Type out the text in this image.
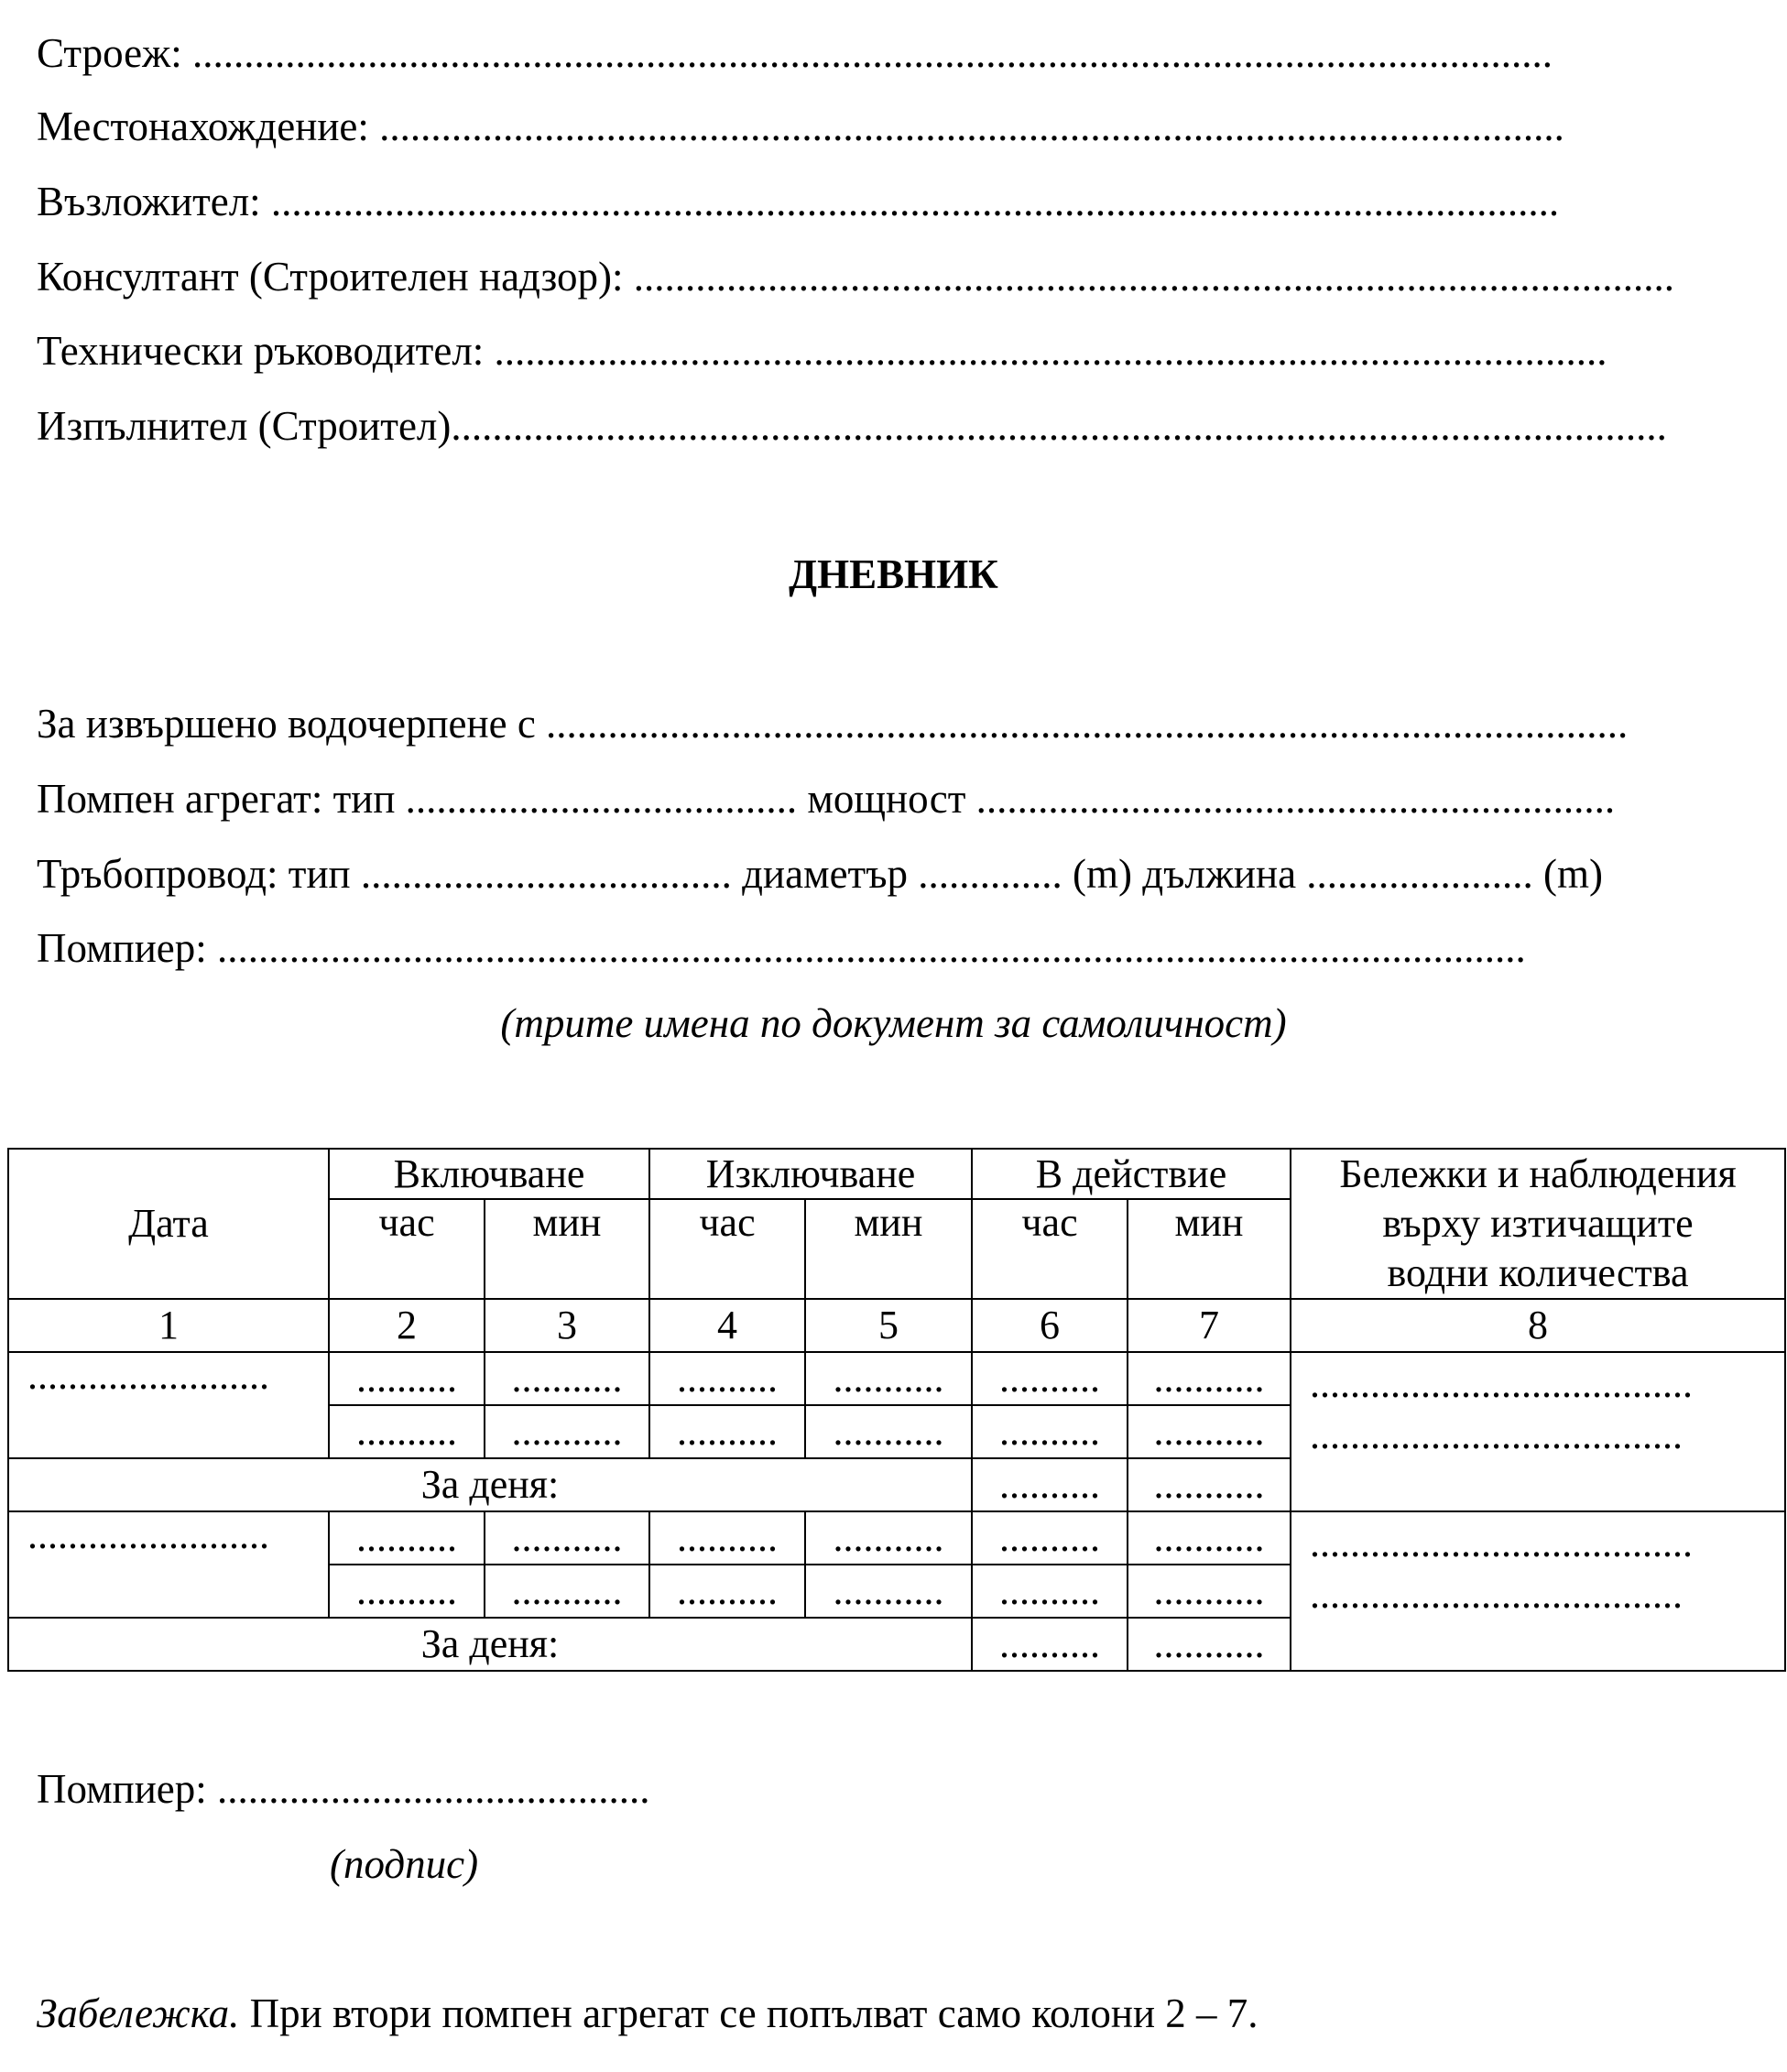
Строеж: ....................................................................................................................................
Местонахождение: ...................................................................................................................
Възложител: .............................................................................................................................
Консултант (Строителен надзор): .....................................................................................................
Технически ръководител: ............................................................................................................
Изпълнител (Строител)......................................................................................................................
ДНЕВНИК
За извършено водочерпене с .........................................................................................................
Помпен агрегат: тип ...................................... мощност ..............................................................
Тръбопровод: тип .................................... диаметър .............. (m) дължина ...................... (m)
Помпиер: ...............................................................................................................................
(трите имена по документ за самоличност)
Дата	Включване		Изключване		В действие		Бележки и наблюдения
върху изтичащите
водни количества

	час	мин	час	мин	час	мин	
1	2	3	4	5	6	7	8
........................	..........	...........	..........	...........	..........	...........	......................................
.....................................

	..........	...........	..........	...........	..........	...........	
За деня:					..........	...........	
........................	..........	...........	..........	...........	..........	...........	......................................
.....................................

	..........	...........	..........	...........	..........	...........	
За деня:					..........	...........	
Помпиер: ..........................................
(подпис)
Забележка. При втори помпен агрегат се попълват само колони 2 – 7.
